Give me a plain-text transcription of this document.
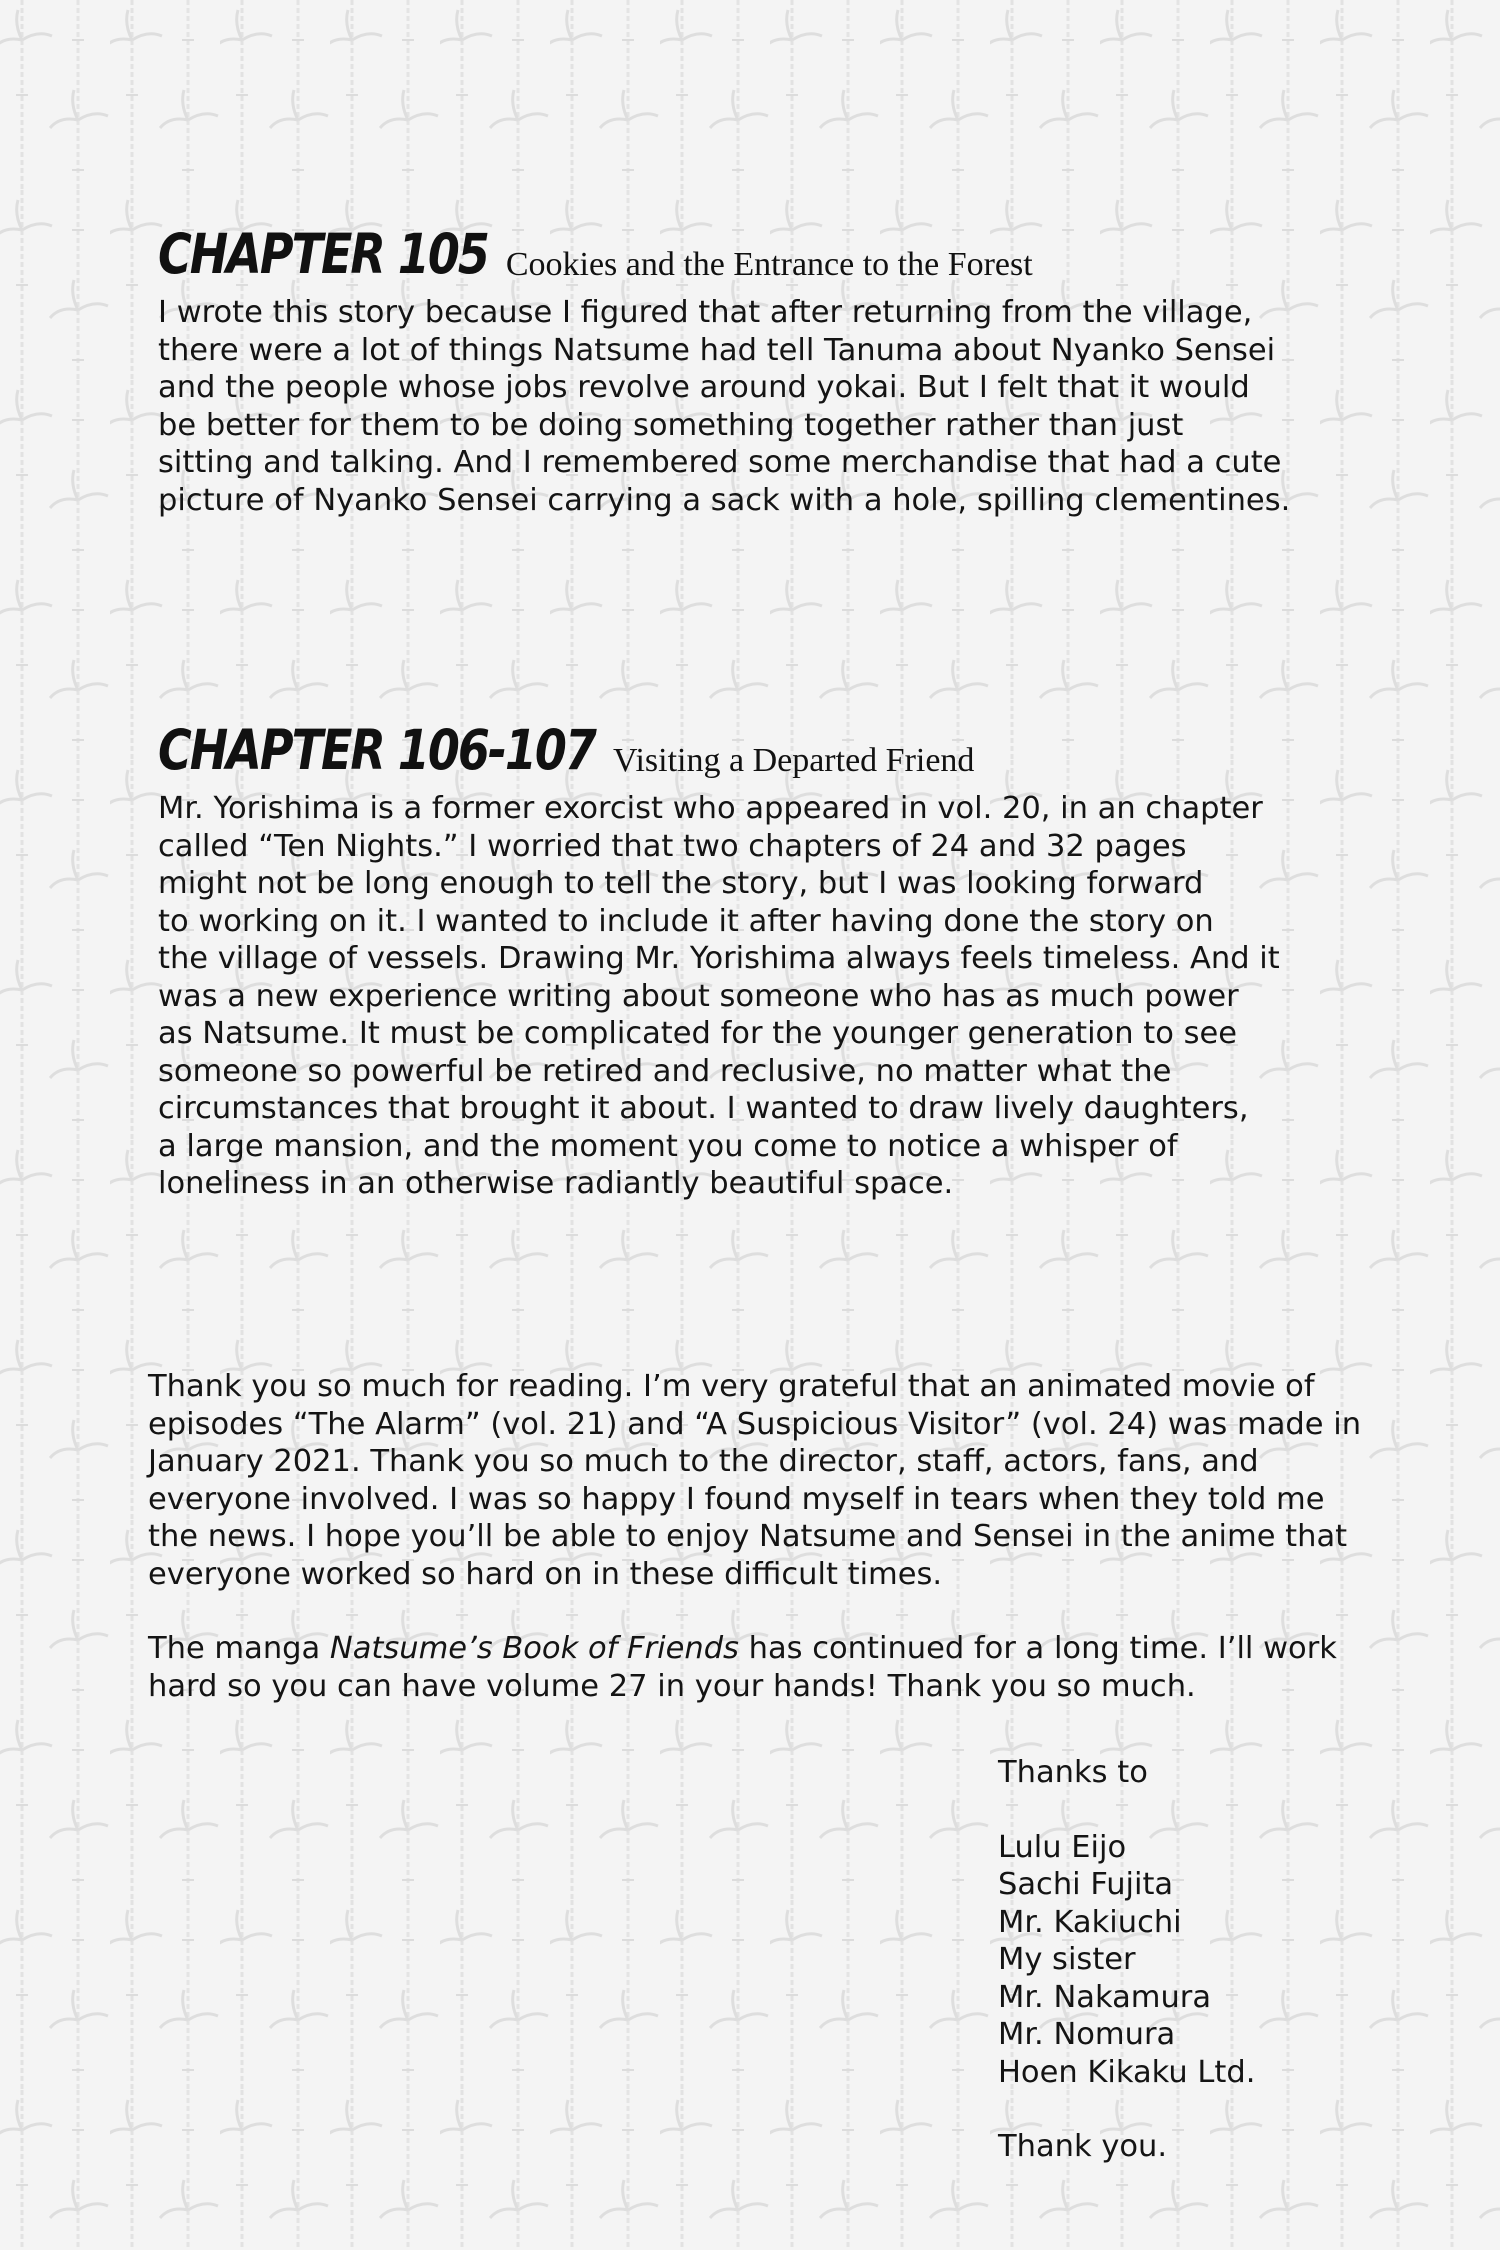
CHAPTER 105 Cookies and the Entrance to the Forest
I wrote this story because I figured that after returning from the village,
there were a lot of things Natsume had tell Tanuma about Nyanko Sensei
and the people whose jobs revolve around yokai. But I felt that it would
be better for them to be doing something together rather than just
sitting and talking. And I remembered some merchandise that had a cute
picture of Nyanko Sensei carrying a sack with a hole, spilling clementines.
CHAPTER 106-107 Visiting a Departed Friend
Mr. Yorishima is a former exorcist who appeared in vol. 20, in an chapter
called “Ten Nights.” I worried that two chapters of 24 and 32 pages
might not be long enough to tell the story, but I was looking forward
to working on it. I wanted to include it after having done the story on
the village of vessels. Drawing Mr. Yorishima always feels timeless. And it
was a new experience writing about someone who has as much power
as Natsume. It must be complicated for the younger generation to see
someone so powerful be retired and reclusive, no matter what the
circumstances that brought it about. I wanted to draw lively daughters,
a large mansion, and the moment you come to notice a whisper of
loneliness in an otherwise radiantly beautiful space.
Thank you so much for reading. I’m very grateful that an animated movie of
episodes “The Alarm” (vol. 21) and “A Suspicious Visitor” (vol. 24) was made in
January 2021. Thank you so much to the director, staff, actors, fans, and
everyone involved. I was so happy I found myself in tears when they told me
the news. I hope you’ll be able to enjoy Natsume and Sensei in the anime that
everyone worked so hard on in these difficult times.
The manga Natsume’s Book of Friends has continued for a long time. I’ll work
hard so you can have volume 27 in your hands! Thank you so much.
Thanks to
Lulu Eijo
Sachi Fujita
Mr. Kakiuchi
My sister
Mr. Nakamura
Mr. Nomura
Hoen Kikaku Ltd.
Thank you.
